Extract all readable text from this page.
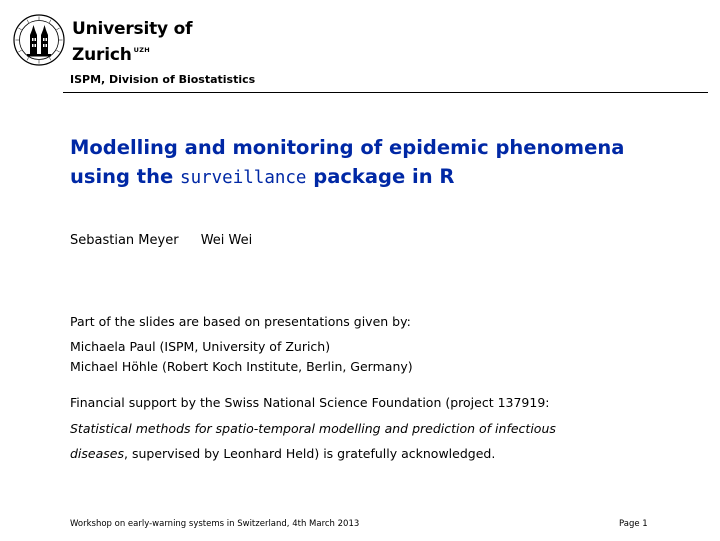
University of
Zurich $^{UZH}$
ISPM, Division of Biostatistics
Modelling and monitoring of epidemic phenomena
using the surveillance package in R
Sebastian Meyer Wei Wei
Part of the slides are based on presentations given by:
Michaela Paul (ISPM, University of Zurich)
Michael Höhle (Robert Koch Institute, Berlin, Germany)
Financial support by the Swiss National Science Foundation (project 137919:
Statistical methods for spatio-temporal modelling and prediction of infectious
diseases, supervised by Leonhard Held) is gratefully acknowledged.
Workshop on early-warning systems in Switzerland, 4th March 2013	Page 1
